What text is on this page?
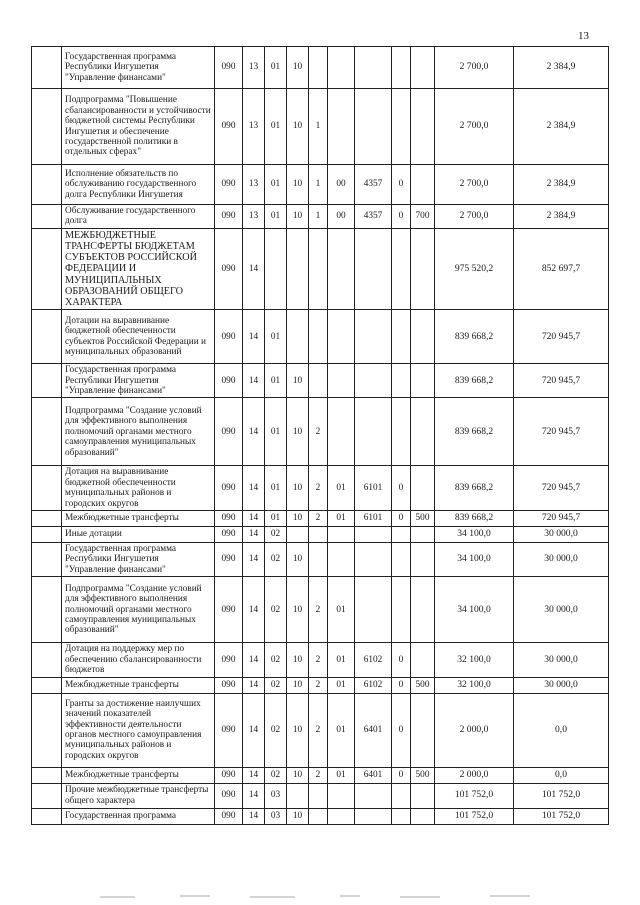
13
	Государственная программа Республики Ингушетия "Управление финансами"	090	13	01	10						2 700,0	2 384,9
	Подпрограмма "Повышение сбалансированности и устойчивости бюджетной системы Республики Ингушетия и обеспечение государственной политики в отдельных сферах"	090	13	01	10	1					2 700,0	2 384,9
	Исполнение обязательств по обслуживанию государственного долга Республики Ингушетия	090	13	01	10	1	00	4357	0		2 700,0	2 384,9
	Обслуживание государственного долга	090	13	01	10	1	00	4357	0	700	2 700,0	2 384,9
	МЕЖБЮДЖЕТНЫЕ ТРАНСФЕРТЫ БЮДЖЕТАМ СУБЪЕКТОВ РОССИЙСКОЙ ФЕДЕРАЦИИ И МУНИЦИПАЛЬНЫХ ОБРАЗОВАНИЙ ОБЩЕГО ХАРАКТЕРА	090	14								975 520,2	852 697,7
	Дотации на выравнивание бюджетной обеспеченности субъектов Российской Федерации и муниципальных образований	090	14	01							839 668,2	720 945,7
	Государственная программа Республики Ингушетия "Управление финансами"	090	14	01	10						839 668,2	720 945,7
	Подпрограмма "Создание условий для эффективного выполнения полномочий органами местного самоуправления муниципальных образований"	090	14	01	10	2					839 668,2	720 945,7
	Дотация на выравнивание бюджетной обеспеченности муниципальных районов и городских округов	090	14	01	10	2	01	6101	0		839 668,2	720 945,7
	Межбюджетные трансферты	090	14	01	10	2	01	6101	0	500	839 668,2	720 945,7
	Иные дотации	090	14	02							34 100,0	30 000,0
	Государственная программа Республики Ингушетия "Управление финансами"	090	14	02	10						34 100,0	30 000,0
	Подпрограмма "Создание условий для эффективного выполнения полномочий органами местного самоуправления муниципальных образований"	090	14	02	10	2	01				34 100,0	30 000,0
	Дотация на поддержку мер по обеспечению сбалансированности бюджетов	090	14	02	10	2	01	6102	0		32 100,0	30 000,0
	Межбюджетные трансферты	090	14	02	10	2	01	6102	0	500	32 100,0	30 000,0
	Гранты за достижение наилучших значений показателей эффективности деятельности органов местного самоуправления муниципальных районов и городских округов	090	14	02	10	2	01	6401	0		2 000,0	0,0
	Межбюджетные трансферты	090	14	02	10	2	01	6401	0	500	2 000,0	0,0
	Прочие межбюджетные трансферты общего характера	090	14	03							101 752,0	101 752,0
	Государственная программа	090	14	03	10						101 752,0	101 752,0
